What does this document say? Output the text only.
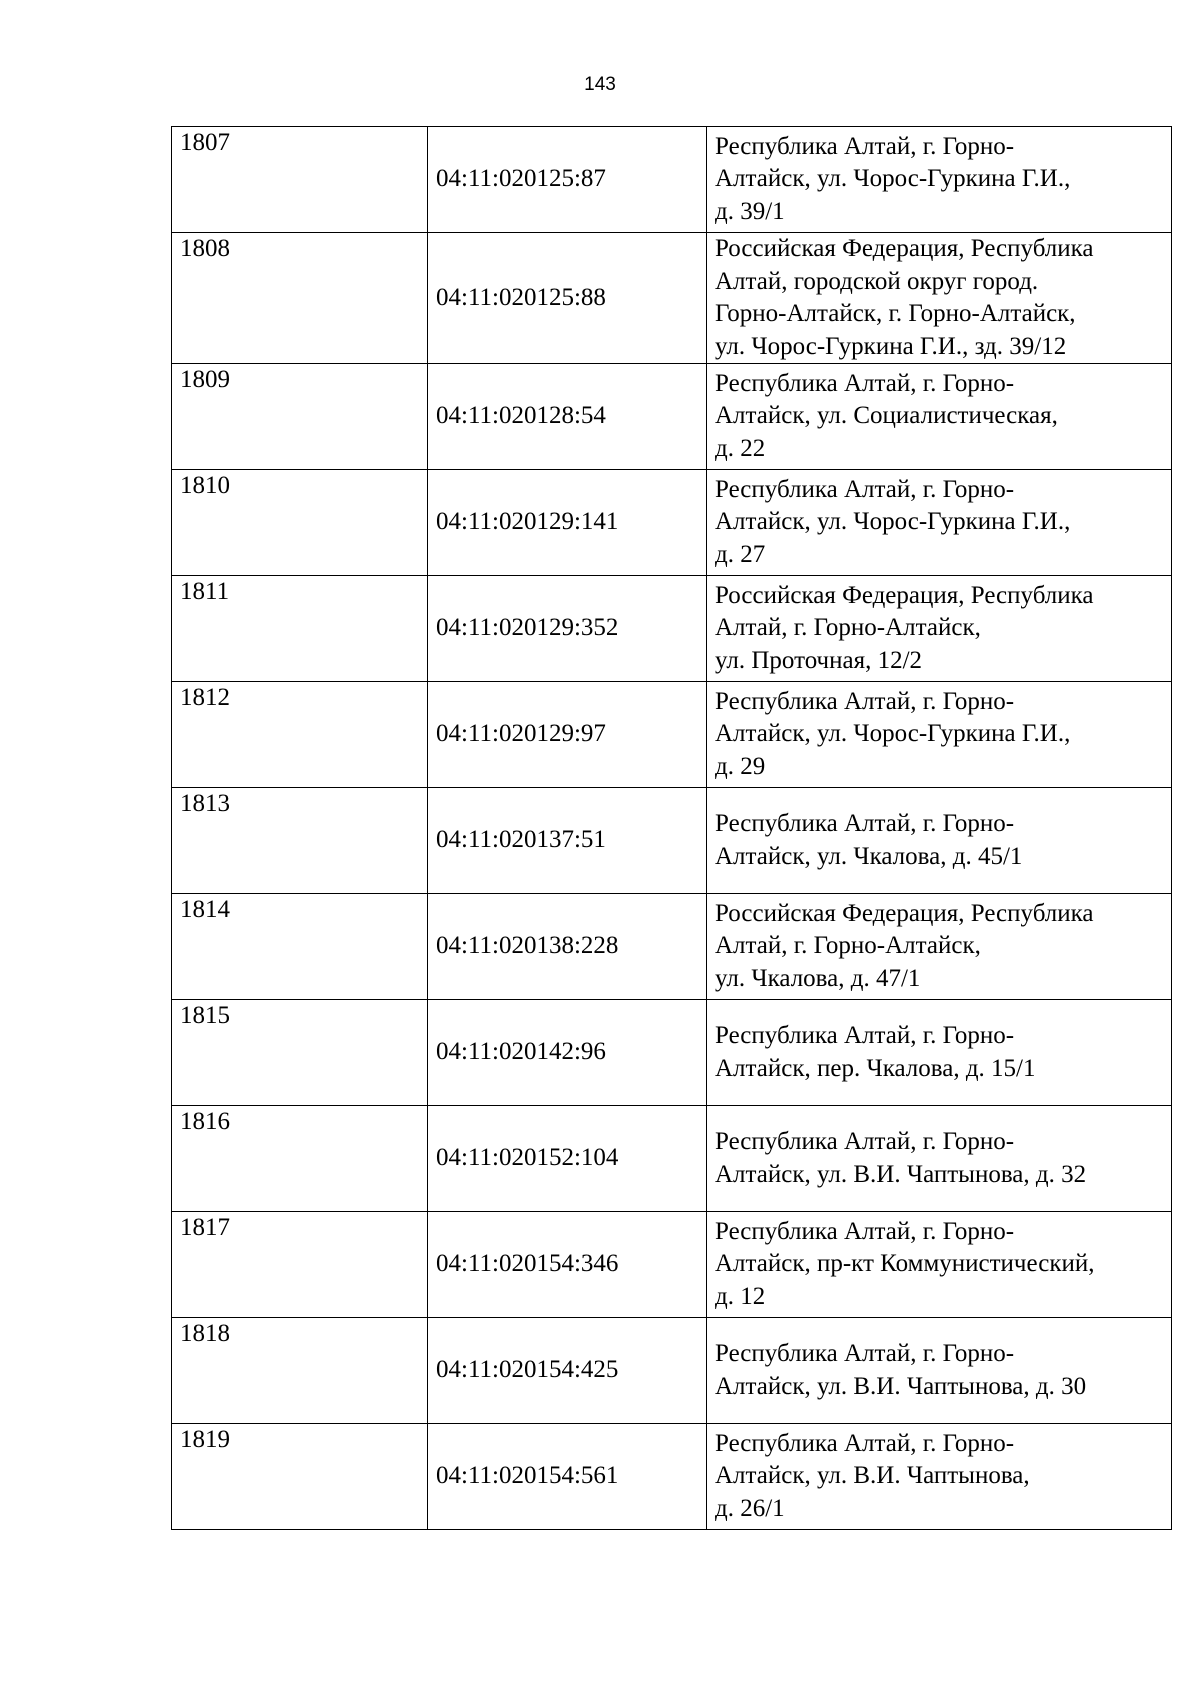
143
1807	04:11:020125:87	Республика Алтай, г. Горно-
Алтайск, ул. Чорос-Гуркина Г.И.,
д. 39/1

1808	04:11:020125:88	Российская Федерация, Республика
Алтай, городской округ город.
Горно-Алтайск, г. Горно-Алтайск,
ул. Чорос-Гуркина Г.И., зд. 39/12

1809	04:11:020128:54	Республика Алтай, г. Горно-
Алтайск, ул. Социалистическая,
д. 22

1810	04:11:020129:141	Республика Алтай, г. Горно-
Алтайск, ул. Чорос-Гуркина Г.И.,
д. 27

1811	04:11:020129:352	Российская Федерация, Республика
Алтай, г. Горно-Алтайск,
ул. Проточная, 12/2

1812	04:11:020129:97	Республика Алтай, г. Горно-
Алтайск, ул. Чорос-Гуркина Г.И.,
д. 29

1813	04:11:020137:51	Республика Алтай, г. Горно-
Алтайск, ул. Чкалова, д. 45/1

1814	04:11:020138:228	Российская Федерация, Республика
Алтай, г. Горно-Алтайск,
ул. Чкалова, д. 47/1

1815	04:11:020142:96	Республика Алтай, г. Горно-
Алтайск, пер. Чкалова, д. 15/1

1816	04:11:020152:104	Республика Алтай, г. Горно-
Алтайск, ул. В.И. Чаптынова, д. 32

1817	04:11:020154:346	Республика Алтай, г. Горно-
Алтайск, пр-кт Коммунистический,
д. 12

1818	04:11:020154:425	Республика Алтай, г. Горно-
Алтайск, ул. В.И. Чаптынова, д. 30

1819	04:11:020154:561	Республика Алтай, г. Горно-
Алтайск, ул. В.И. Чаптынова,
д. 26/1
